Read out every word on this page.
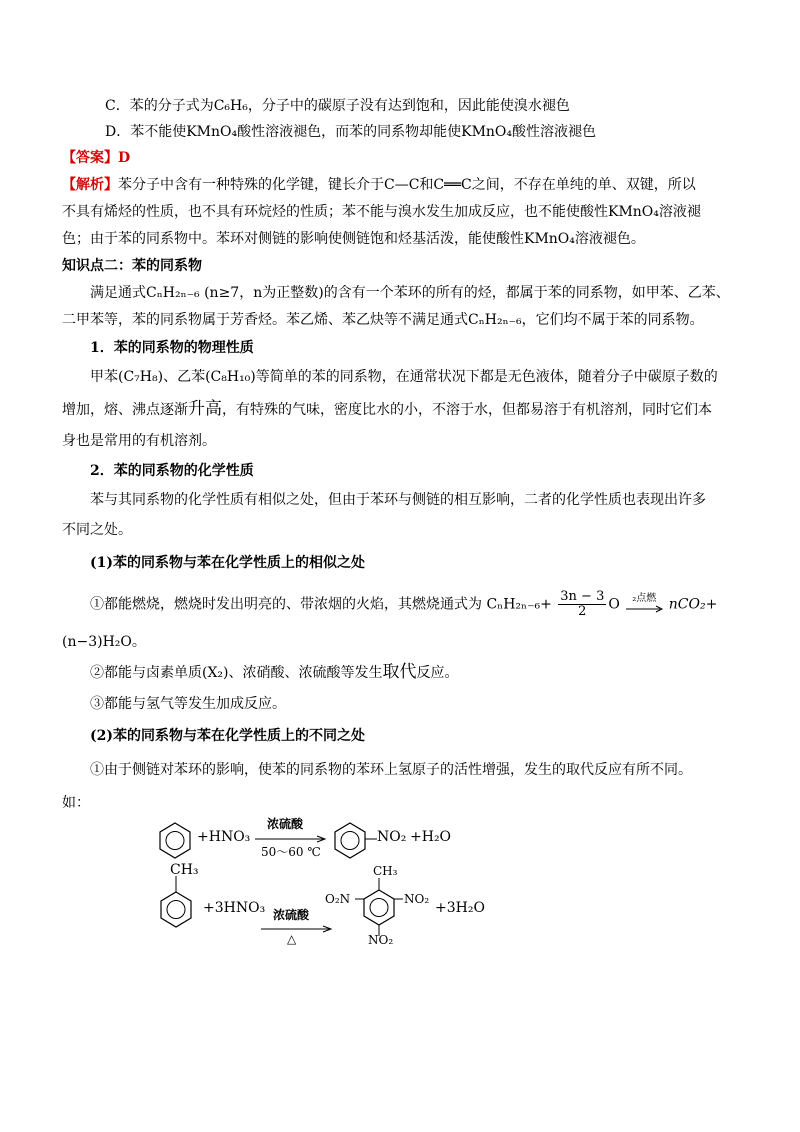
C．苯的分子式为C₆H₆，分子中的碳原子没有达到饱和，因此能使溴水褪色
D．苯不能使KMnO₄酸性溶液褪色，而苯的同系物却能使KMnO₄酸性溶液褪色
【答案】D
【解析】苯分子中含有一种特殊的化学键，键长介于C—C和C══C之间，不存在单纯的单、双键，所以
不具有烯烃的性质，也不具有环烷烃的性质；苯不能与溴水发生加成反应，也不能使酸性KMnO₄溶液褪
色；由于苯的同系物中。苯环对侧链的影响使侧链饱和烃基活泼，能使酸性KMnO₄溶液褪色。
知识点二：苯的同系物
满足通式CₙH₂ₙ₋₆ (n≥7，n为正整数)的含有一个苯环的所有的烃，都属于苯的同系物，如甲苯、乙苯、
二甲苯等，苯的同系物属于芳香烃。苯乙烯、苯乙炔等不满足通式CₙH₂ₙ₋₆，它们均不属于苯的同系物。
1．苯的同系物的物理性质
甲苯(C₇H₈)、乙苯(C₈H₁₀)等简单的苯的同系物，在通常状况下都是无色液体，随着分子中碳原子数的
增加，熔、沸点逐渐升高，有特殊的气味，密度比水的小，不溶于水，但都易溶于有机溶剂，同时它们本
身也是常用的有机溶剂。
2．苯的同系物的化学性质
苯与其同系物的化学性质有相似之处，但由于苯环与侧链的相互影响，二者的化学性质也表现出许多
不同之处。
(1)苯的同系物与苯在化学性质上的相似之处
①都能燃烧，燃烧时发出明亮的、带浓烟的火焰，其燃烧通式为 $C_nH_{2n-6}+ \frac{3n - 3}{2}$ O	₂点燃 nCO₂+
(n−3)H₂O。
②都能与卤素单质(X₂)、浓硝酸、浓硫酸等发生取代反应。
③都能与氢气等发生加成反应。
(2)苯的同系物与苯在化学性质上的不同之处
①由于侧链对苯环的影响，使苯的同系物的苯环上氢原子的活性增强，发生的取代反应有所不同。
如：
+HNO₃
浓硫酸
50～60 ℃
NO₂ +H₂O
CH₃
+3HNO₃ 浓硫酸
△
CH₃
O₂N	NO₂
NO₂
+3H₂O
